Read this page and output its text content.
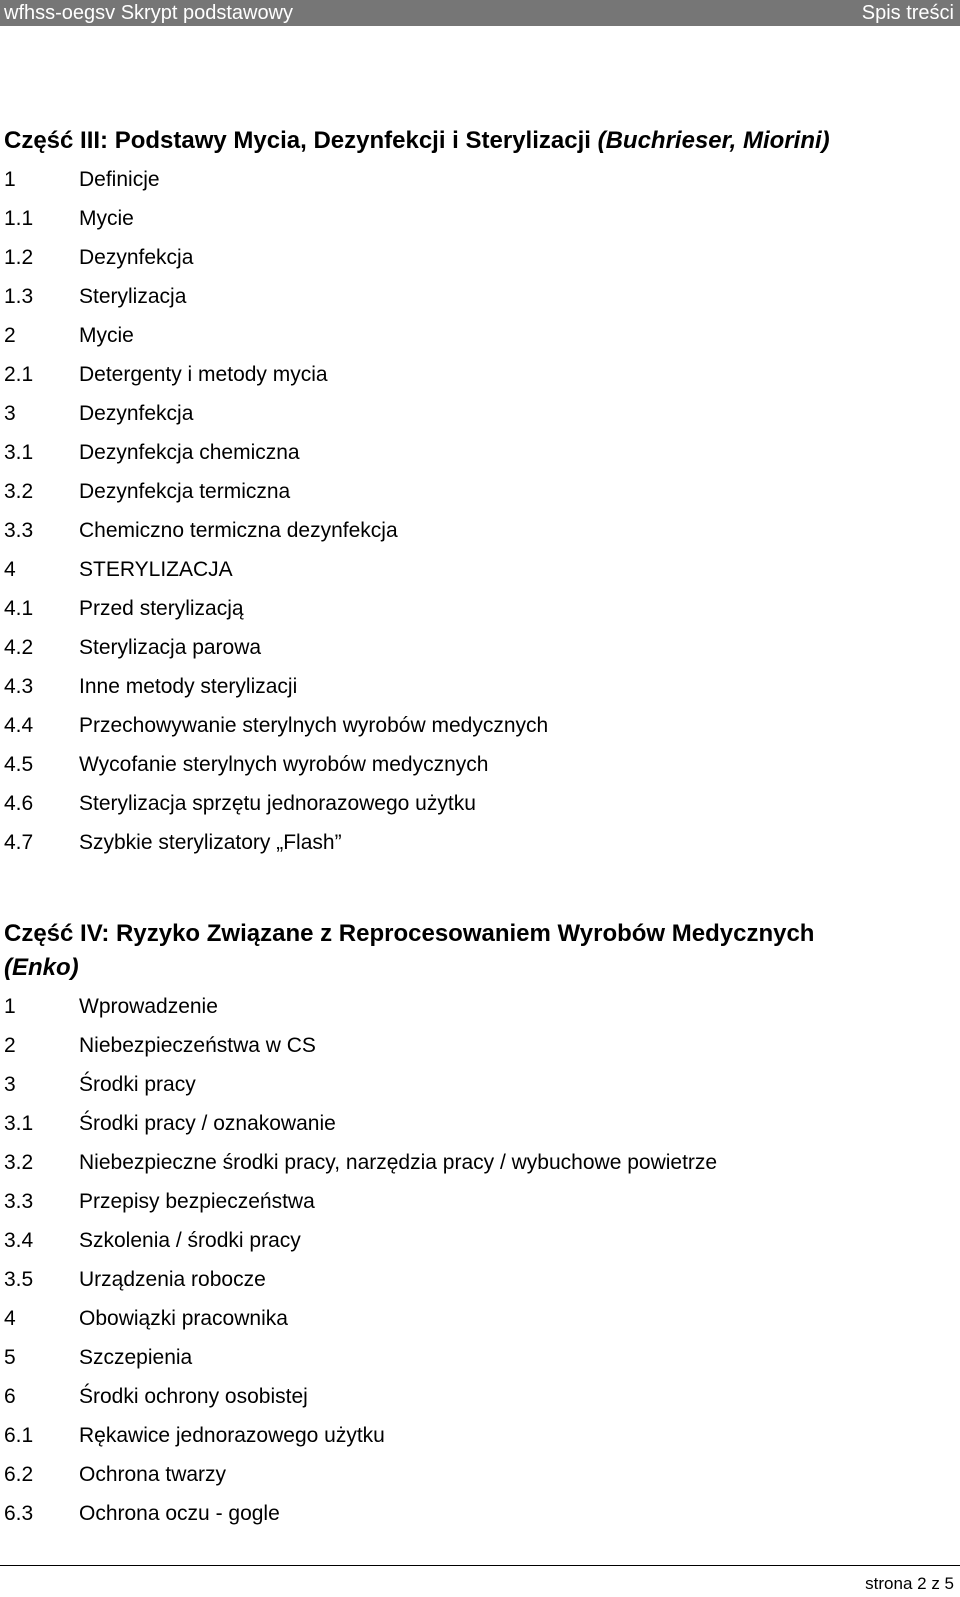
wfhss-oegsv Skrypt podstawowy	Spis treści
Część III: Podstawy Mycia, Dezynfekcji i Sterylizacji (Buchrieser, Miorini)
1	Definicje
1.1	Mycie
1.2	Dezynfekcja
1.3	Sterylizacja
2	Mycie
2.1	Detergenty i metody mycia
3	Dezynfekcja
3.1	Dezynfekcja chemiczna
3.2	Dezynfekcja termiczna
3.3	Chemiczno termiczna dezynfekcja
4	STERYLIZACJA
4.1	Przed sterylizacją
4.2	Sterylizacja parowa
4.3	Inne metody sterylizacji
4.4	Przechowywanie sterylnych wyrobów medycznych
4.5	Wycofanie sterylnych wyrobów medycznych
4.6	Sterylizacja sprzętu jednorazowego użytku
4.7	Szybkie sterylizatory „Flash”
Część IV: Ryzyko Związane z Reprocesowaniem Wyrobów Medycznych
(Enko)
1	Wprowadzenie
2	Niebezpieczeństwa w CS
3	Środki pracy
3.1	Środki pracy / oznakowanie
3.2	Niebezpieczne środki pracy, narzędzia pracy / wybuchowe powietrze
3.3	Przepisy bezpieczeństwa
3.4	Szkolenia / środki pracy
3.5	Urządzenia robocze
4	Obowiązki pracownika
5	Szczepienia
6	Środki ochrony osobistej
6.1	Rękawice jednorazowego użytku
6.2	Ochrona twarzy
6.3	Ochrona oczu - gogle
strona 2 z 5
